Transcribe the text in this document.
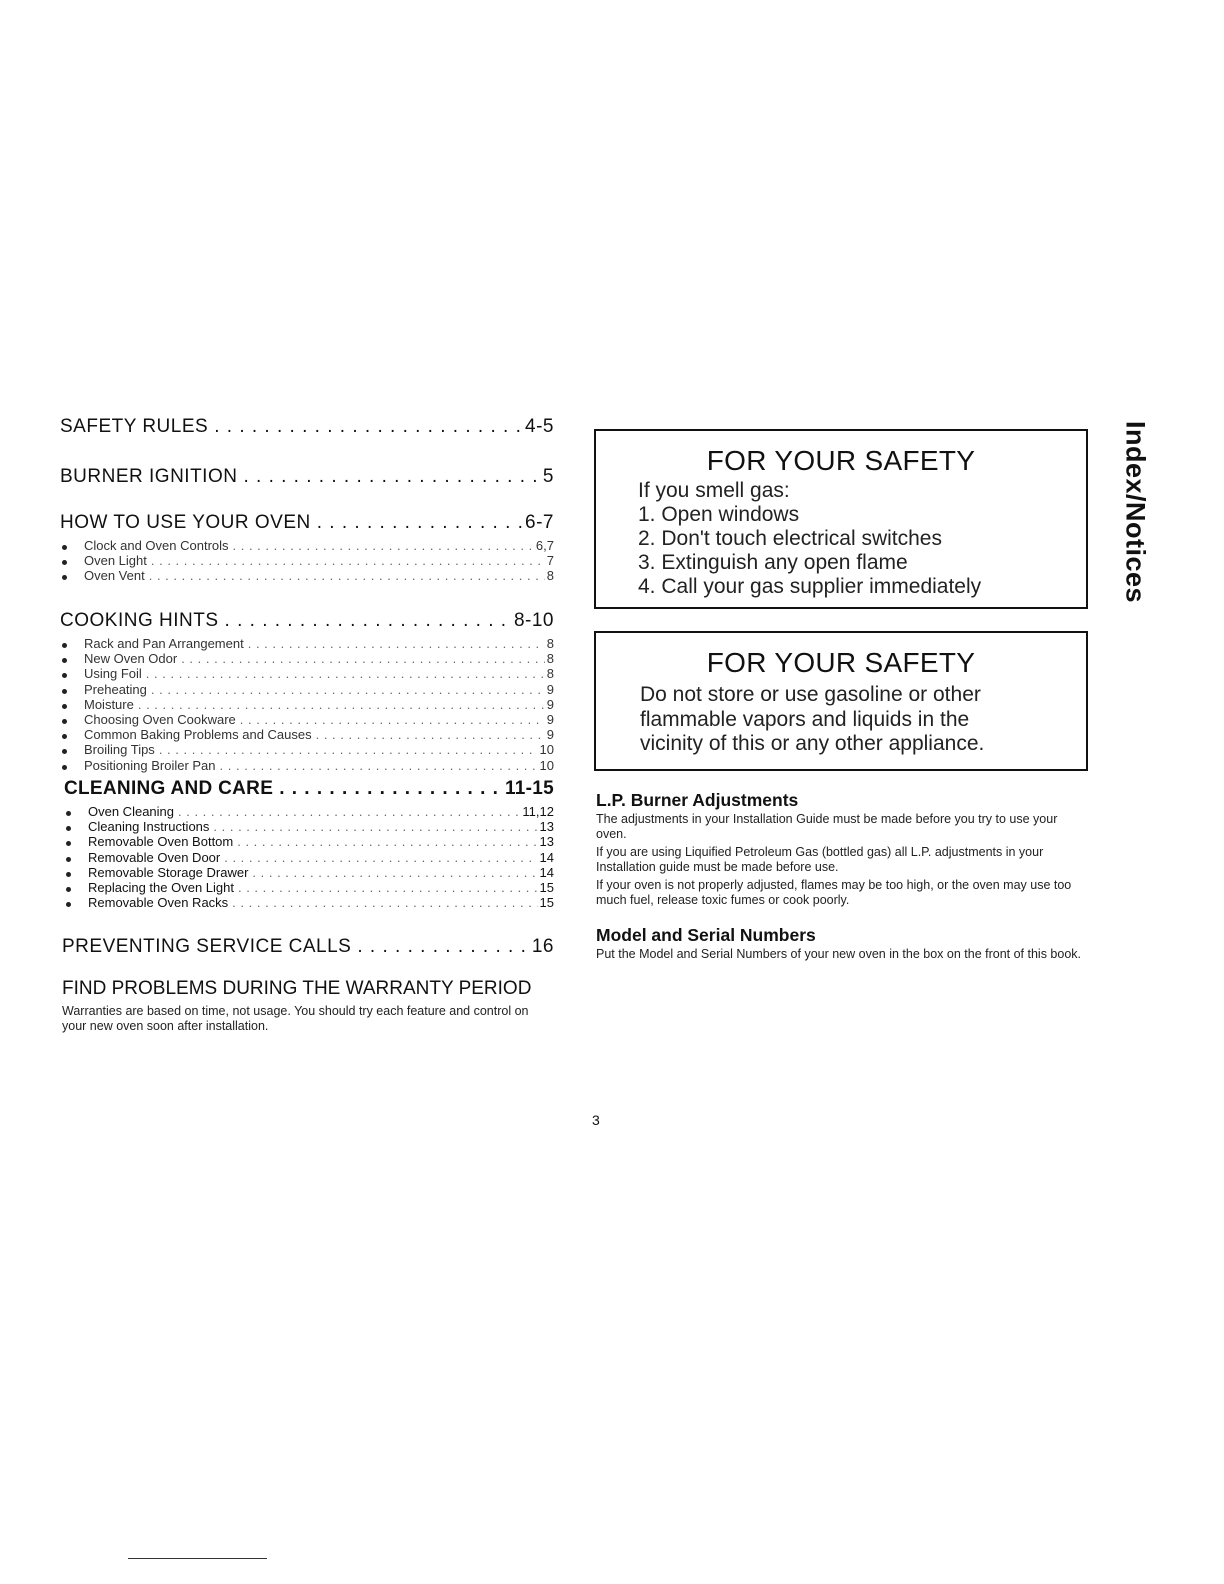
SAFETY RULES . . .	4-5
BURNER IGNITION . . .	5
HOW TO USE YOUR OVEN . . .	6-7
Clock and Oven Controls . . .	6,7
Oven Light . . .	7
Oven Vent . . .	8
COOKING HINTS . . .	8-10
Rack and Pan Arrangement . . .	8
New Oven Odor . . .	8
Using Foil . . .	8
Preheating . . .	9
Moisture . . .	9
Choosing Oven Cookware . . .	9
Common Baking Problems and Causes . . .	9
Broiling Tips . . .	10
Positioning Broiler Pan . . .	10
CLEANING AND CARE . . .	11-15
Oven Cleaning . . .	11,12
Cleaning Instructions . . .	13
Removable Oven Bottom . . .	13
Removable Oven Door . . .	14
Removable Storage Drawer . . .	14
Replacing the Oven Light . . .	15
Removable Oven Racks . . .	15
PREVENTING SERVICE CALLS . . .	16
FIND PROBLEMS DURING THE WARRANTY PERIOD
Warranties are based on time, not usage. You should try each feature and control on your new oven soon after installation.
FOR YOUR SAFETY
If you smell gas:
1. Open windows
2. Don't touch electrical switches
3. Extinguish any open flame
4. Call your gas supplier immediately
FOR YOUR SAFETY
Do not store or use gasoline or other
flammable vapors and liquids in the
vicinity of this or any other appliance.
L.P. Burner Adjustments

The adjustments in your Installation Guide must be made before you try to use your oven.

If you are using Liquified Petroleum Gas (bottled gas) all L.P. adjustments in your Installation guide must be made before use.

If your oven is not properly adjusted, flames may be too high, or the oven may use too much fuel, release toxic fumes or cook poorly.

Model and Serial Numbers

Put the Model and Serial Numbers of your new oven in the box on the front of this book.

Index/Notices
3
